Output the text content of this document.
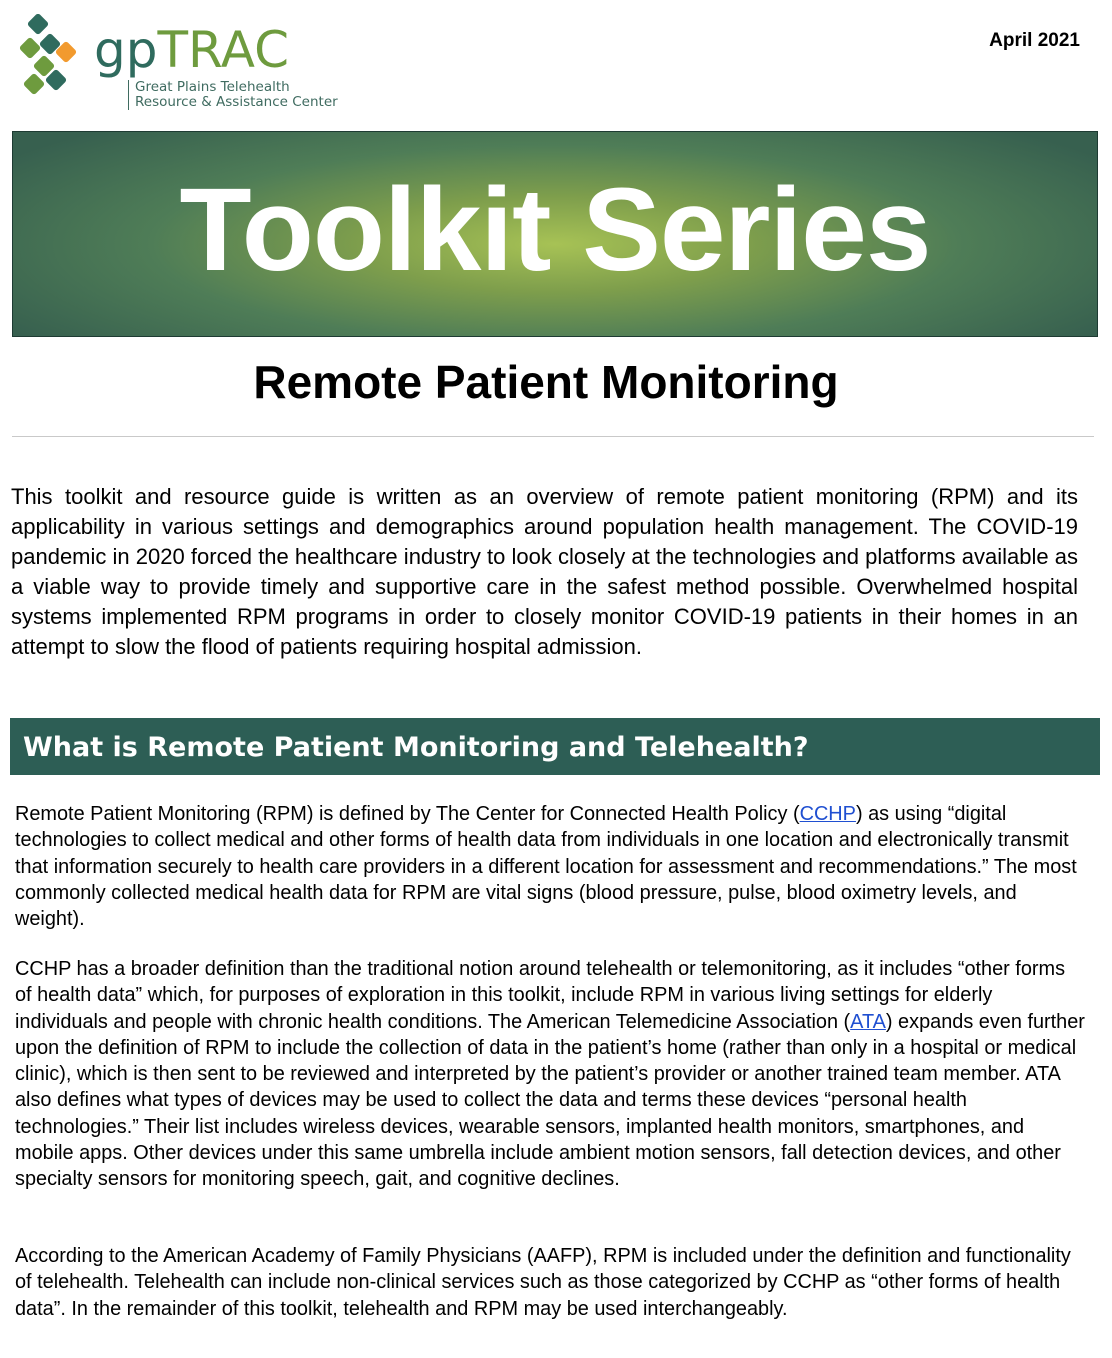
gpTRAC
Great Plains Telehealth
Resource & Assistance Center
April 2021
Toolkit Series
Remote Patient Monitoring

This toolkit and resource guide is written as an overview of remote patient monitoring (RPM) and its applicability in various settings and demographics around population health management. The COVID-19 pandemic in 2020 forced the healthcare industry to look closely at the technologies and platforms available as a viable way to provide timely and supportive care in the safest method possible. Overwhelmed hospital systems implemented RPM programs in order to closely monitor COVID-19 patients in their homes in an attempt to slow the flood of patients requiring hospital admission.

What is Remote Patient Monitoring and Telehealth?

Remote Patient Monitoring (RPM) is defined by The Center for Connected Health Policy (CCHP) as using “digital technologies to collect medical and other forms of health data from individuals in one location and electronically transmit that information securely to health care providers in a different location for assessment and recommendations.” The most commonly collected medical health data for RPM are vital signs (blood pressure, pulse, blood oximetry levels, and weight).

CCHP has a broader definition than the traditional notion around telehealth or telemonitoring, as it includes “other forms of health data” which, for purposes of exploration in this toolkit, include RPM in various living settings for elderly individuals and people with chronic health conditions. The American Telemedicine Association (ATA) expands even further upon the definition of RPM to include the collection of data in the patient’s home (rather than only in a hospital or medical clinic), which is then sent to be reviewed and interpreted by the patient’s provider or another trained team member. ATA also defines what types of devices may be used to collect the data and terms these devices “personal health technologies.” Their list includes wireless devices, wearable sensors, implanted health monitors, smartphones, and mobile apps. Other devices under this same umbrella include ambient motion sensors, fall detection devices, and other specialty sensors for monitoring speech, gait, and cognitive declines.

According to the American Academy of Family Physicians (AAFP), RPM is included under the definition and functionality of telehealth. Telehealth can include non-clinical services such as those categorized by CCHP as “other forms of health data”. In the remainder of this toolkit, telehealth and RPM may be used interchangeably.
